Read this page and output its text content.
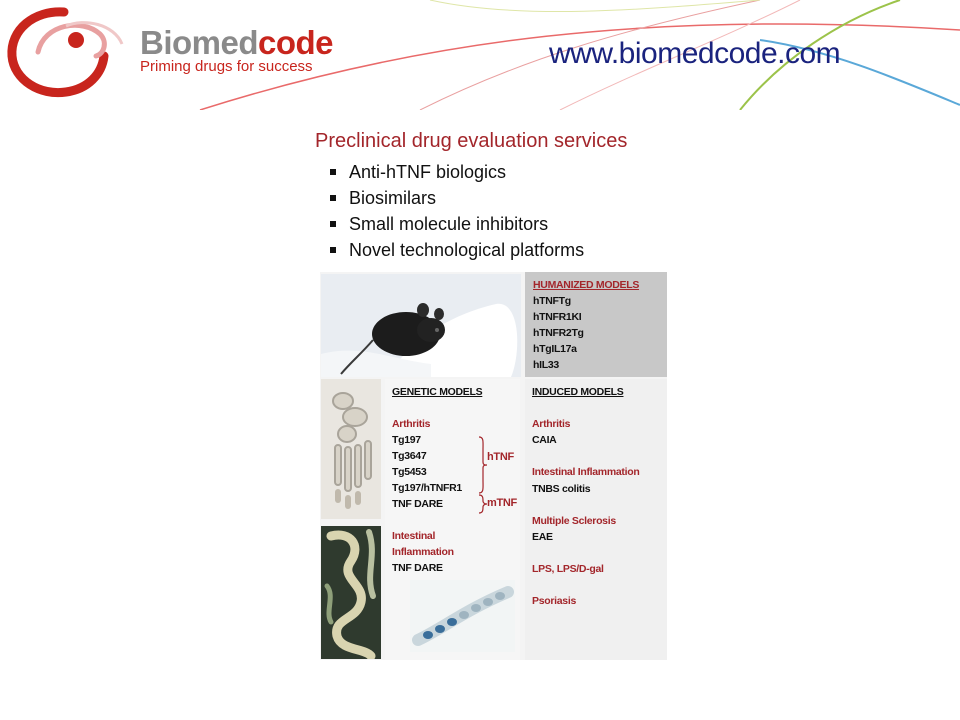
Biomedcode
Priming drugs for success	www.biomedcode.com
Preclinical drug evaluation services
Anti-hTNF biologics
Biosimilars
Small molecule inhibitors
Novel technological platforms
HUMANIZED MODELS
hTNFTg
hTNFR1KI
hTNFR2Tg
hTgIL17a
hIL33
GENETIC MODELS
Arthritis
Tg197
Tg3647
Tg5453
Tg197/hTNFR1
TNF DARE
hTNF
mTNF
Intestinal
Inflammation
TNF DARE
INDUCED MODELS
Arthritis
CAIA
Intestinal Inflammation
TNBS colitis
Multiple Sclerosis
EAE
LPS, LPS/D-gal
Psoriasis
